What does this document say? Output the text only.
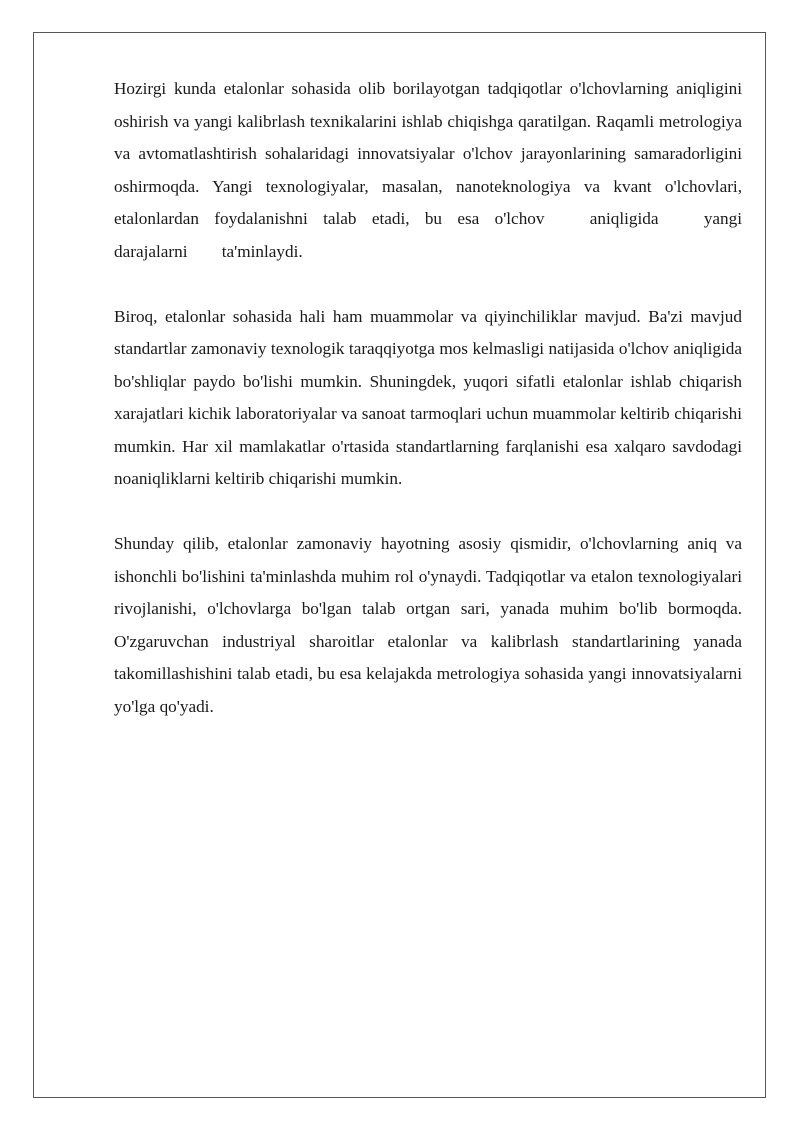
Hozirgi kunda etalonlar sohasida olib borilayotgan tadqiqotlar o'lchovlarning aniqligini oshirish va yangi kalibrlash texnikalarini ishlab chiqishga qaratilgan. Raqamli metrologiya va avtomatlashtirish sohalaridagi innovatsiyalar o'lchov jarayonlarining samaradorligini oshirmoqda. Yangi texnologiyalar, masalan, nanoteknologiya va kvant o'lchovlari, etalonlardan foydalanishni talab etadi, bu esa o'lchov aniqligida yangi darajalarni ta'minlaydi.

Biroq, etalonlar sohasida hali ham muammolar va qiyinchiliklar mavjud. Ba'zi mavjud standartlar zamonaviy texnologik taraqqiyotga mos kelmasligi natijasida o'lchov aniqligida bo'shliqlar paydo bo'lishi mumkin. Shuningdek, yuqori sifatli etalonlar ishlab chiqarish xarajatlari kichik laboratoriyalar va sanoat tarmoqlari uchun muammolar keltirib chiqarishi mumkin. Har xil mamlakatlar o'rtasida standartlarning farqlanishi esa xalqaro savdodagi noaniqliklarni keltirib chiqarishi mumkin.

Shunday qilib, etalonlar zamonaviy hayotning asosiy qismidir, o'lchovlarning aniq va ishonchli bo'lishini ta'minlashda muhim rol o'ynaydi. Tadqiqotlar va etalon texnologiyalari rivojlanishi, o'lchovlarga bo'lgan talab ortgan sari, yanada muhim bo'lib bormoqda. O'zgaruvchan industriyal sharoitlar etalonlar va kalibrlash standartlarining yanada takomillashishini talab etadi, bu esa kelajakda metrologiya sohasida yangi innovatsiyalarni yo'lga qo'yadi.
